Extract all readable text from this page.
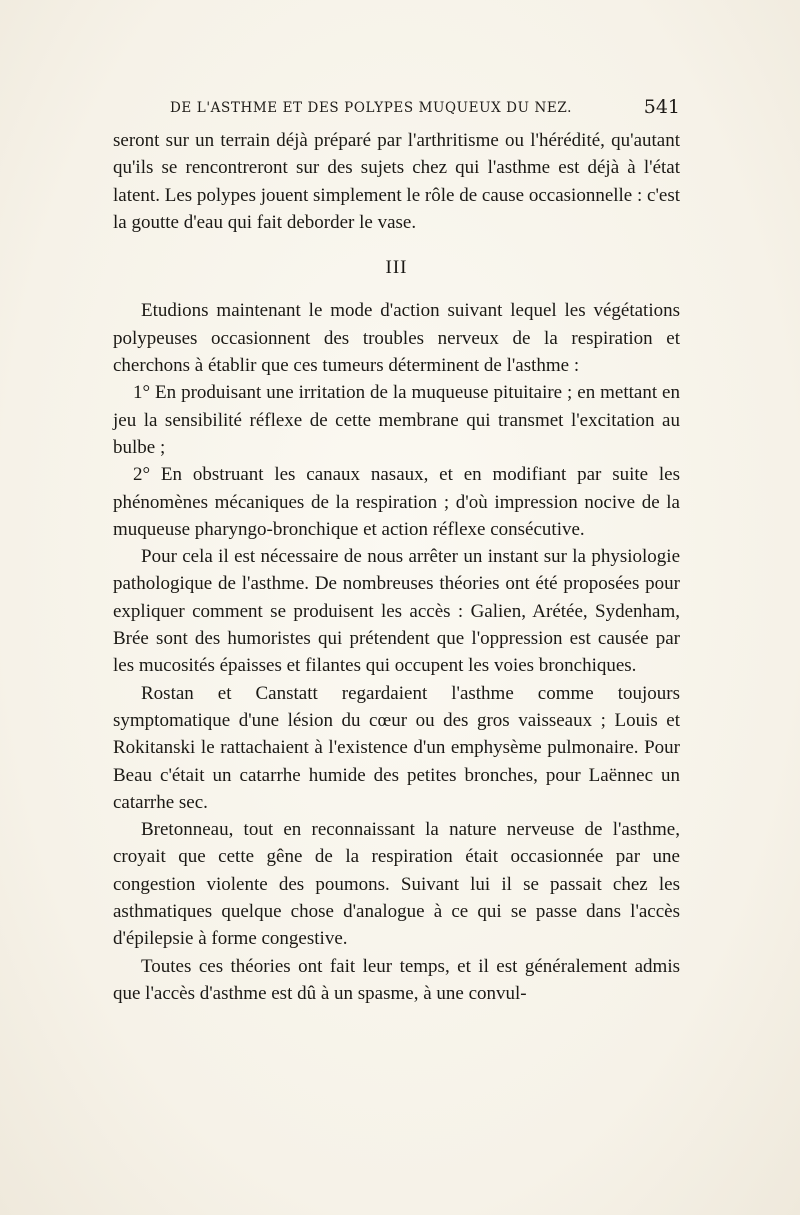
DE L'ASTHME ET DES POLYPES MUQUEUX DU NEZ.	541

seront sur un terrain déjà préparé par l'arthritisme ou l'hérédité, qu'autant qu'ils se rencontreront sur des sujets chez qui l'asthme est déjà à l'état latent. Les polypes jouent simplement le rôle de cause occasionnelle : c'est la goutte d'eau qui fait deborder le vase.

III

Etudions maintenant le mode d'action suivant lequel les végétations polypeuses occasionnent des troubles nerveux de la respiration et cherchons à établir que ces tumeurs déterminent de l'asthme :

1° En produisant une irritation de la muqueuse pituitaire ; en mettant en jeu la sensibilité réflexe de cette membrane qui transmet l'excitation au bulbe ;

2° En obstruant les canaux nasaux, et en modifiant par suite les phénomènes mécaniques de la respiration ; d'où impression nocive de la muqueuse pharyngo-bronchique et action réflexe consécutive.

Pour cela il est nécessaire de nous arrêter un instant sur la physiologie pathologique de l'asthme. De nombreuses théories ont été proposées pour expliquer comment se produisent les accès : Galien, Arétée, Sydenham, Brée sont des humoristes qui prétendent que l'oppression est causée par les mucosités épaisses et filantes qui occupent les voies bronchiques.

Rostan et Canstatt regardaient l'asthme comme toujours symptomatique d'une lésion du cœur ou des gros vaisseaux ; Louis et Rokitanski le rattachaient à l'existence d'un emphysème pulmonaire. Pour Beau c'était un catarrhe humide des petites bronches, pour Laënnec un catarrhe sec.

Bretonneau, tout en reconnaissant la nature nerveuse de l'asthme, croyait que cette gêne de la respiration était occasionnée par une congestion violente des poumons. Suivant lui il se passait chez les asthmatiques quelque chose d'analogue à ce qui se passe dans l'accès d'épilepsie à forme congestive.

Toutes ces théories ont fait leur temps, et il est généralement admis que l'accès d'asthme est dû à un spasme, à une convul-
